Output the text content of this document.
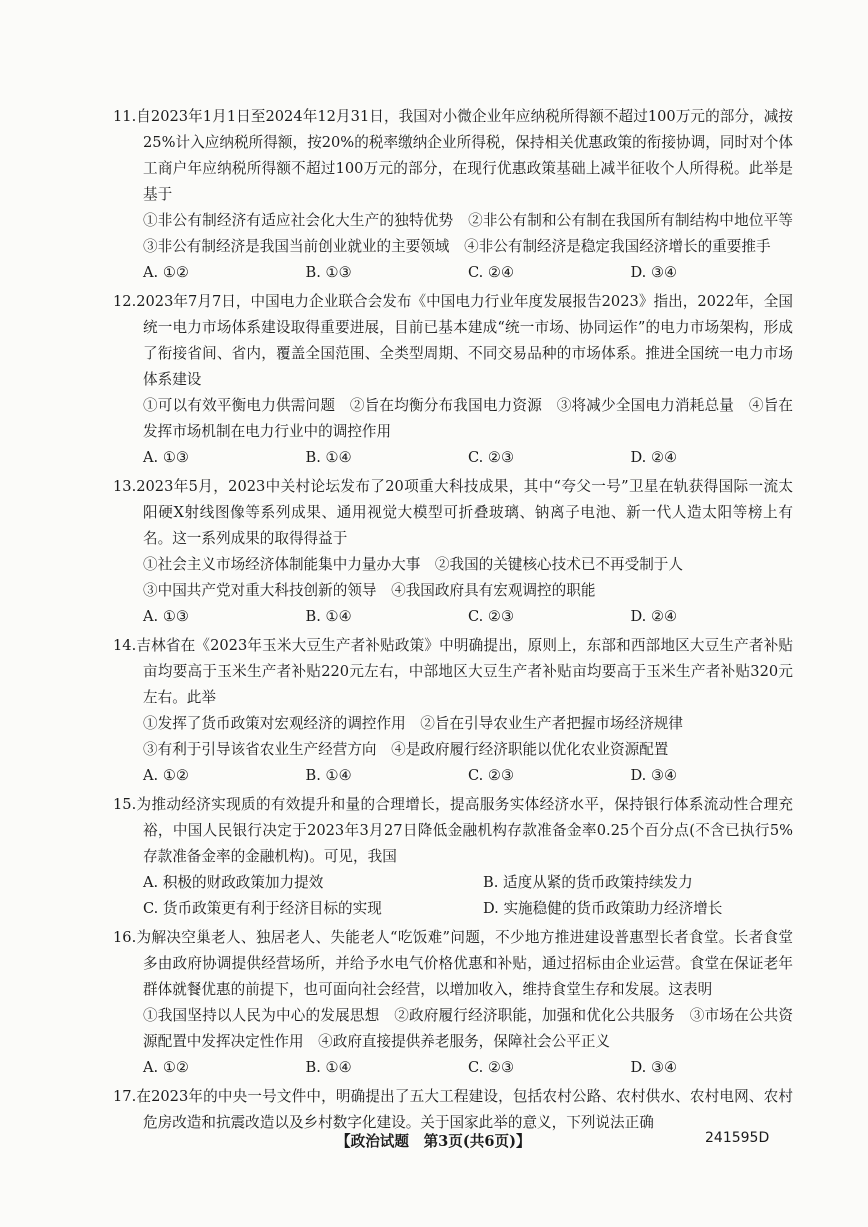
11.自2023年1月1日至2024年12月31日，我国对小微企业年应纳税所得额不超过100万元的部分，减按25%计入应纳税所得额，按20%的税率缴纳企业所得税，保持相关优惠政策的衔接协调，同时对个体工商户年应纳税所得额不超过100万元的部分，在现行优惠政策基础上减半征收个人所得税。此举是基于
①非公有制经济有适应社会化大生产的独特优势　②非公有制和公有制在我国所有制结构中地位平等　③非公有制经济是我国当前创业就业的主要领域　④非公有制经济是稳定我国经济增长的重要推手
A. ①②	B. ①③	C. ②④	D. ③④
12.2023年7月7日，中国电力企业联合会发布《中国电力行业年度发展报告2023》指出，2022年，全国统一电力市场体系建设取得重要进展，目前已基本建成“统一市场、协同运作”的电力市场架构，形成了衔接省间、省内，覆盖全国范围、全类型周期、不同交易品种的市场体系。推进全国统一电力市场体系建设
①可以有效平衡电力供需问题　②旨在均衡分布我国电力资源　③将减少全国电力消耗总量　④旨在发挥市场机制在电力行业中的调控作用
A. ①③	B. ①④	C. ②③	D. ②④
13.2023年5月，2023中关村论坛发布了20项重大科技成果，其中“夸父一号”卫星在轨获得国际一流太阳硬X射线图像等系列成果、通用视觉大模型可折叠玻璃、钠离子电池、新一代人造太阳等榜上有名。这一系列成果的取得得益于
①社会主义市场经济体制能集中力量办大事　②我国的关键核心技术已不再受制于人
③中国共产党对重大科技创新的领导　④我国政府具有宏观调控的职能
A. ①③	B. ①④	C. ②③	D. ②④
14.吉林省在《2023年玉米大豆生产者补贴政策》中明确提出，原则上，东部和西部地区大豆生产者补贴亩均要高于玉米生产者补贴220元左右，中部地区大豆生产者补贴亩均要高于玉米生产者补贴320元左右。此举
①发挥了货币政策对宏观经济的调控作用　②旨在引导农业生产者把握市场经济规律
③有利于引导该省农业生产经营方向　④是政府履行经济职能以优化农业资源配置
A. ①②	B. ①④	C. ②③	D. ③④
15.为推动经济实现质的有效提升和量的合理增长，提高服务实体经济水平，保持银行体系流动性合理充裕，中国人民银行决定于2023年3月27日降低金融机构存款准备金率0.25个百分点(不含已执行5%存款准备金率的金融机构)。可见，我国
A. 积极的财政政策加力提效	B. 适度从紧的货币政策持续发力
C. 货币政策更有利于经济目标的实现	D. 实施稳健的货币政策助力经济增长
16.为解决空巢老人、独居老人、失能老人“吃饭难”问题，不少地方推进建设普惠型长者食堂。长者食堂多由政府协调提供经营场所，并给予水电气价格优惠和补贴，通过招标由企业运营。食堂在保证老年群体就餐优惠的前提下，也可面向社会经营，以增加收入，维持食堂生存和发展。这表明
①我国坚持以人民为中心的发展思想　②政府履行经济职能，加强和优化公共服务　③市场在公共资源配置中发挥决定性作用　④政府直接提供养老服务，保障社会公平正义
A. ①②	B. ①④	C. ②③	D. ③④
17.在2023年的中央一号文件中，明确提出了五大工程建设，包括农村公路、农村供水、农村电网、农村危房改造和抗震改造以及乡村数字化建设。关于国家此举的意义，下列说法正确
【政治试题　第3页(共6页)】	241595D
